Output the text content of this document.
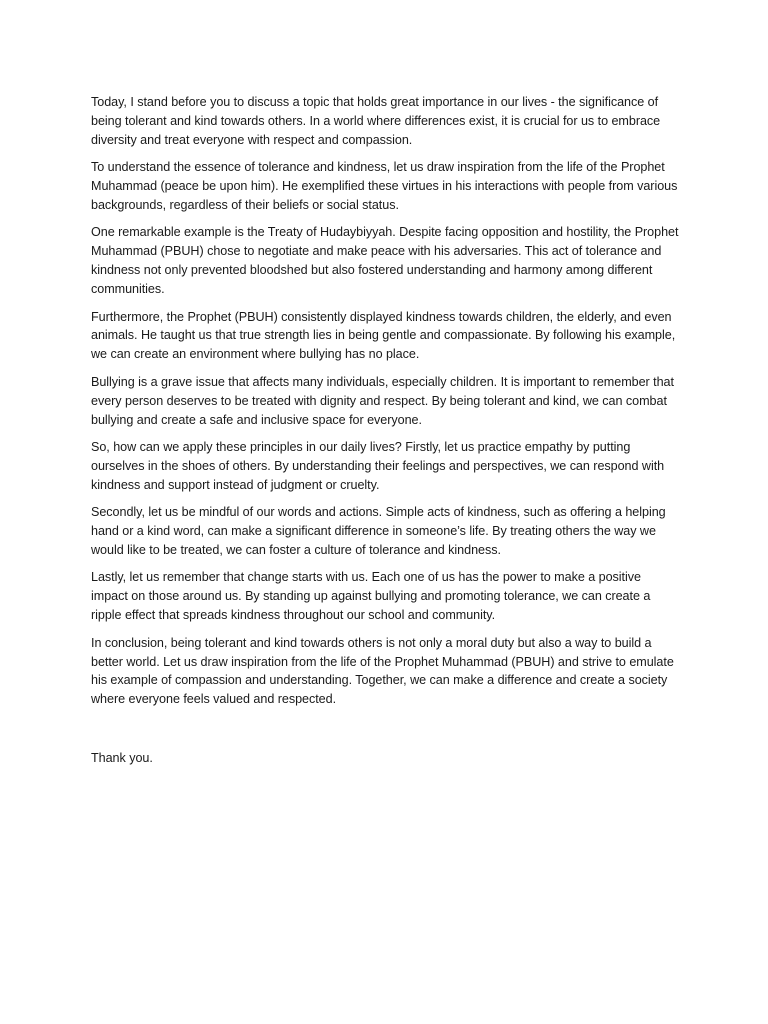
Today, I stand before you to discuss a topic that holds great importance in our lives - the significance of being tolerant and kind towards others. In a world where differences exist, it is crucial for us to embrace diversity and treat everyone with respect and compassion.

To understand the essence of tolerance and kindness, let us draw inspiration from the life of the Prophet Muhammad (peace be upon him). He exemplified these virtues in his interactions with people from various backgrounds, regardless of their beliefs or social status.

One remarkable example is the Treaty of Hudaybiyyah. Despite facing opposition and hostility, the Prophet Muhammad (PBUH) chose to negotiate and make peace with his adversaries. This act of tolerance and kindness not only prevented bloodshed but also fostered understanding and harmony among different communities.

Furthermore, the Prophet (PBUH) consistently displayed kindness towards children, the elderly, and even animals. He taught us that true strength lies in being gentle and compassionate. By following his example, we can create an environment where bullying has no place.

Bullying is a grave issue that affects many individuals, especially children. It is important to remember that every person deserves to be treated with dignity and respect. By being tolerant and kind, we can combat bullying and create a safe and inclusive space for everyone.

So, how can we apply these principles in our daily lives? Firstly, let us practice empathy by putting ourselves in the shoes of others. By understanding their feelings and perspectives, we can respond with kindness and support instead of judgment or cruelty.

Secondly, let us be mindful of our words and actions. Simple acts of kindness, such as offering a helping hand or a kind word, can make a significant difference in someone’s life. By treating others the way we would like to be treated, we can foster a culture of tolerance and kindness.

Lastly, let us remember that change starts with us. Each one of us has the power to make a positive impact on those around us. By standing up against bullying and promoting tolerance, we can create a ripple effect that spreads kindness throughout our school and community.

In conclusion, being tolerant and kind towards others is not only a moral duty but also a way to build a better world. Let us draw inspiration from the life of the Prophet Muhammad (PBUH) and strive to emulate his example of compassion and understanding. Together, we can make a difference and create a society where everyone feels valued and respected.

Thank you.
